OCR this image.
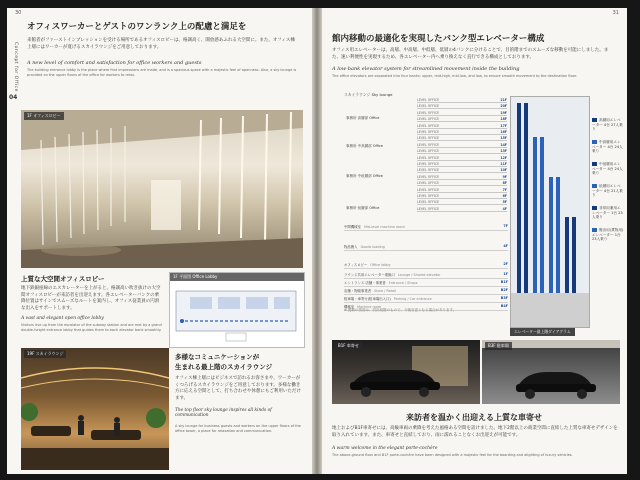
30
Concept for Office
04
オフィスワーカーとゲストのワンランク上の配慮と満足を
来館者がファーストインプレッションを受ける場所であるオフィスロビーは、格調高く、開放感あふれる大空間に。また、オフィス棟上層にはワーカーが寛げるスカイラウンジをご用意しております。
A new level of comfort and satisfaction for office workers and guests
The building entrance lobby is the place where first impressions are made, and is a spacious space with a majestic feel of openness. Also, a sky lounge is provided on the upper floors of the office for workers to relax.
1F オフィスロビー
上質な大空間オフィスロビー
地下鉄銀座線のエスカレーターを上がると、格調高い吹き抜けの大空間オフィスロビーが来訪者を出迎えます。各エレベーターバンクの乗降位置はサインでスムーズなルートを案内し、オフィス従業員の円滑な出入をサポートします。
A vast and elegant open office lobby
Visitors rise up from the escalator of the subway station and are met by a grand double-height entrance lobby that guides them to each elevator bank smoothly.
1F 平面図 Office Lobby
19F スカイラウンジ	多様なコミュニケーションが
生まれる最上階のスカイラウンジ
オフィス棟上層にはビジネスで訪れるお客さまや、ワーカーがくつろげるスカイラウンジをご用意しております。多様な働き方に応える空間として、打ち合わせや休憩にもご利用いただけます。
The top floor sky lounge inspires all kinds of communication
A sky lounge for business guests and workers on the upper floors of the office tower, a place for relaxation and communication.
31
館内移動の最適化を実現したバンク型エレベーター構成
オフィス用エレベーターは、高層、中高層、中低層、低層の4バンクに分けることで、目的階までのスムーズな移動を可能にしました。また、速い利便性を実現するため、各エレベーター内へ乗り換えなく直行できる構成としております。
A low-bank elevator system for streamlined movement inside the building
The office elevators are separated into four banks: upper, mid-high, mid-low, and low, to ensure smooth movement to the destination floor.
スカイラウンジ Sky lounge
LEVEL OFFICE	21F
LEVEL OFFICE	20F
LEVEL OFFICE	19F
LEVEL OFFICE	18F
LEVEL OFFICE	17F
LEVEL OFFICE	16F
LEVEL OFFICE	15F
LEVEL OFFICE	14F
LEVEL OFFICE	13F
LEVEL OFFICE	12F
LEVEL OFFICE	11F
LEVEL OFFICE	10F
LEVEL OFFICE	9F
LEVEL OFFICE	8F
LEVEL OFFICE	7F
LEVEL OFFICE	6F
LEVEL OFFICE	5F
LEVEL OFFICE	4F
事務所 高層部 Office
事務所 中高層部 Office
事務所 中低層部 Office
事務所 低層部 Office
中間機械室 Mid-level machine room	7F
物品搬入 Goods loading	4F
オフィスロビー Office lobby	2F
ラウンジ共用エレベーター乗換口 Lounge / Shared elevator	1F
エントランス 店舗・事業者 Entrance / Shops	B1F
店舗・物販事業者 Store / Retail	B2F
駐車場・車寄せ(駐車場出入口) Parking / Car entrance	B3F
機械室 Machine room	B4F
高層用エレベーター 4台 27人乗り
中高層用エレベーター 4台 24人乗り
中低層用エレベーター 4台 24人乗り
低層用エレベーター 4台 21人乗り
非常用兼用エレベーター 1台 23人乗り
搬出用(貨物用)エレベーター 1台 23人乗り
※ 掲載の図面は、設計段階のもので、今後変更となる場合があります。
エレベーター最上階ダイアグラム
B1F 車寄せ	B3F 駐車場
来訪者を温かく出迎える上質な車寄せ
地上およびB1F車寄せには、高級車両の乗降を考えた風格ある空間を設けました。地下2階以上の商業空間に直結した上質な車寄せデザインを取り入れています。また、車寄せと直結しており、雨に濡れることなくお出迎えが可能です。
A warm welcome in the elegant porte-cochère
The above-ground floor and B1F porte-cochère have been designed with a majestic feel for the boarding and alighting of luxury vehicles.
